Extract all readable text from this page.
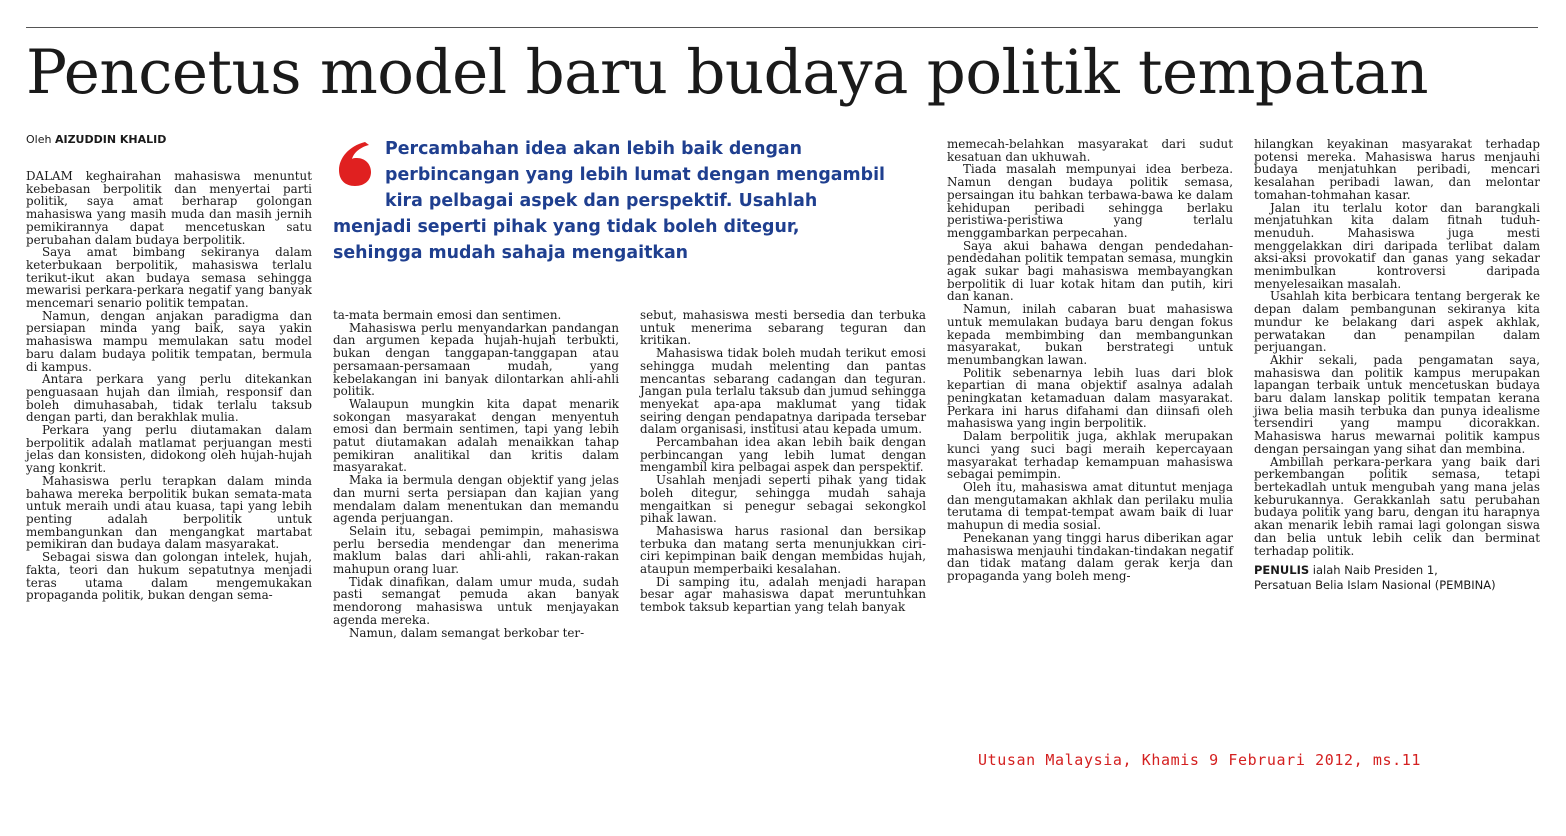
Pencetus model baru budaya politik tempatan

Oleh AIZUDDIN KHALID	Percambahan idea akan lebih baik dengan perbincangan yang lebih lumat dengan mengambil kira pelbagai aspek dan perspektif. Usahlah menjadi seperti pihak yang tidak boleh ditegur, sehingga mudah sahaja mengaitkan

DALAM keghairahan mahasiswa menuntut kebebasan berpolitik dan menyertai parti politik, saya amat berharap golongan mahasiswa yang masih muda dan masih jernih pemikirannya dapat mencetuskan satu perubahan dalam budaya berpolitik.

Saya amat bimbang sekiranya dalam keterbukaan berpolitik, mahasiswa terlalu terikut-ikut akan budaya semasa sehingga mewarisi perkara-perkara negatif yang banyak mencemari senario politik tempatan.

Namun, dengan anjakan paradigma dan persiapan minda yang baik, saya yakin mahasiswa mampu memulakan satu model baru dalam budaya politik tempatan, bermula di kampus.

Antara perkara yang perlu ditekankan penguasaan hujah dan ilmiah, responsif dan boleh dimuhasabah, tidak terlalu taksub dengan parti, dan berakhlak mulia.

Perkara yang perlu diutamakan dalam berpolitik adalah matlamat perjuangan mesti jelas dan konsisten, didokong oleh hujah-hujah yang konkrit.

Mahasiswa perlu terapkan dalam minda bahawa mereka berpolitik bukan semata-mata untuk meraih undi atau kuasa, tapi yang lebih penting adalah berpolitik untuk membangunkan dan mengangkat martabat pemikiran dan budaya dalam masyarakat.

Sebagai siswa dan golongan intelek, hujah, fakta, teori dan hukum sepatutnya menjadi teras utama dalam mengemukakan propaganda politik, bukan dengan sema-

ta-mata bermain emosi dan sentimen.

Mahasiswa perlu menyandarkan pandangan dan argumen kepada hujah-hujah terbukti, bukan dengan tanggapan-tanggapan atau persamaan-persamaan mudah, yang kebelakangan ini banyak dilontarkan ahli-ahli politik.

Walaupun mungkin kita dapat menarik sokongan masyarakat dengan menyentuh emosi dan bermain sentimen, tapi yang lebih patut diutamakan adalah menaikkan tahap pemikiran analitikal dan kritis dalam masyarakat.

Maka ia bermula dengan objektif yang jelas dan murni serta persiapan dan kajian yang mendalam dalam menentukan dan memandu agenda perjuangan.

Selain itu, sebagai pemimpin, mahasiswa perlu bersedia mendengar dan menerima maklum balas dari ahli-ahli, rakan-rakan mahupun orang luar.

Tidak dinafikan, dalam umur muda, sudah pasti semangat pemuda akan banyak mendorong mahasiswa untuk menjayakan agenda mereka.

Namun, dalam semangat berkobar ter-

sebut, mahasiswa mesti bersedia dan terbuka untuk menerima sebarang teguran dan kritikan.

Mahasiswa tidak boleh mudah terikut emosi sehingga mudah melenting dan pantas mencantas sebarang cadangan dan teguran. Jangan pula terlalu taksub dan jumud sehingga menyekat apa-apa maklumat yang tidak seiring dengan pendapatnya daripada tersebar dalam organisasi, institusi atau kepada umum.

Percambahan idea akan lebih baik dengan perbincangan yang lebih lumat dengan mengambil kira pelbagai aspek dan perspektif.

Usahlah menjadi seperti pihak yang tidak boleh ditegur, sehingga mudah sahaja mengaitkan si penegur sebagai sekongkol pihak lawan.

Mahasiswa harus rasional dan bersikap terbuka dan matang serta menunjukkan ciri-ciri kepimpinan baik dengan membidas hujah, ataupun memperbaiki kesalahan.

Di samping itu, adalah menjadi harapan besar agar mahasiswa dapat meruntuhkan tembok taksub kepartian yang telah banyak

memecah-belahkan masyarakat dari sudut kesatuan dan ukhuwah.

Tiada masalah mempunyai idea berbeza. Namun dengan budaya politik semasa, persaingan itu bahkan terbawa-bawa ke dalam kehidupan peribadi sehingga berlaku peristiwa-peristiwa yang terlalu menggambarkan perpecahan.

Saya akui bahawa dengan pendedahan-pendedahan politik tempatan semasa, mungkin agak sukar bagi mahasiswa membayangkan berpolitik di luar kotak hitam dan putih, kiri dan kanan.

Namun, inilah cabaran buat mahasiswa untuk memulakan budaya baru dengan fokus kepada membimbing dan membangunkan masyarakat, bukan berstrategi untuk menumbangkan lawan.

Politik sebenarnya lebih luas dari blok kepartian di mana objektif asalnya adalah peningkatan ketamaduan dalam masyarakat. Perkara ini harus difahami dan diinsafi oleh mahasiswa yang ingin berpolitik.

Dalam berpolitik juga, akhlak merupakan kunci yang suci bagi meraih kepercayaan masyarakat terhadap kemampuan mahasiswa sebagai pemimpin.

Oleh itu, mahasiswa amat dituntut menjaga dan mengutamakan akhlak dan perilaku mulia terutama di tempat-tempat awam baik di luar mahupun di media sosial.

Penekanan yang tinggi harus diberikan agar mahasiswa menjauhi tindakan-tindakan negatif dan tidak matang dalam gerak kerja dan propaganda yang boleh meng-

hilangkan keyakinan masyarakat terhadap potensi mereka. Mahasiswa harus menjauhi budaya menjatuhkan peribadi, mencari kesalahan peribadi lawan, dan melontar tomahan-tohmahan kasar.

Jalan itu terlalu kotor dan barangkali menjatuhkan kita dalam fitnah tuduh-menuduh. Mahasiswa juga mesti menggelakkan diri daripada terlibat dalam aksi-aksi provokatif dan ganas yang sekadar menimbulkan kontroversi daripada menyelesaikan masalah.

Usahlah kita berbicara tentang bergerak ke depan dalam pembangunan sekiranya kita mundur ke belakang dari aspek akhlak, perwatakan dan penampilan dalam perjuangan.

Akhir sekali, pada pengamatan saya, mahasiswa dan politik kampus merupakan lapangan terbaik untuk mencetuskan budaya baru dalam lanskap politik tempatan kerana jiwa belia masih terbuka dan punya idealisme tersendiri yang mampu dicorakkan. Mahasiswa harus mewarnai politik kampus dengan persaingan yang sihat dan membina.

Ambillah perkara-perkara yang baik dari perkembangan politik semasa, tetapi bertekadlah untuk mengubah yang mana jelas keburukannya. Gerakkanlah satu perubahan budaya politik yang baru, dengan itu harapnya akan menarik lebih ramai lagi golongan siswa dan belia untuk lebih celik dan berminat terhadap politik.

PENULIS ialah Naib Presiden 1,
Persatuan Belia Islam Nasional (PEMBINA)
Utusan Malaysia, Khamis 9 Februari 2012, ms.11
